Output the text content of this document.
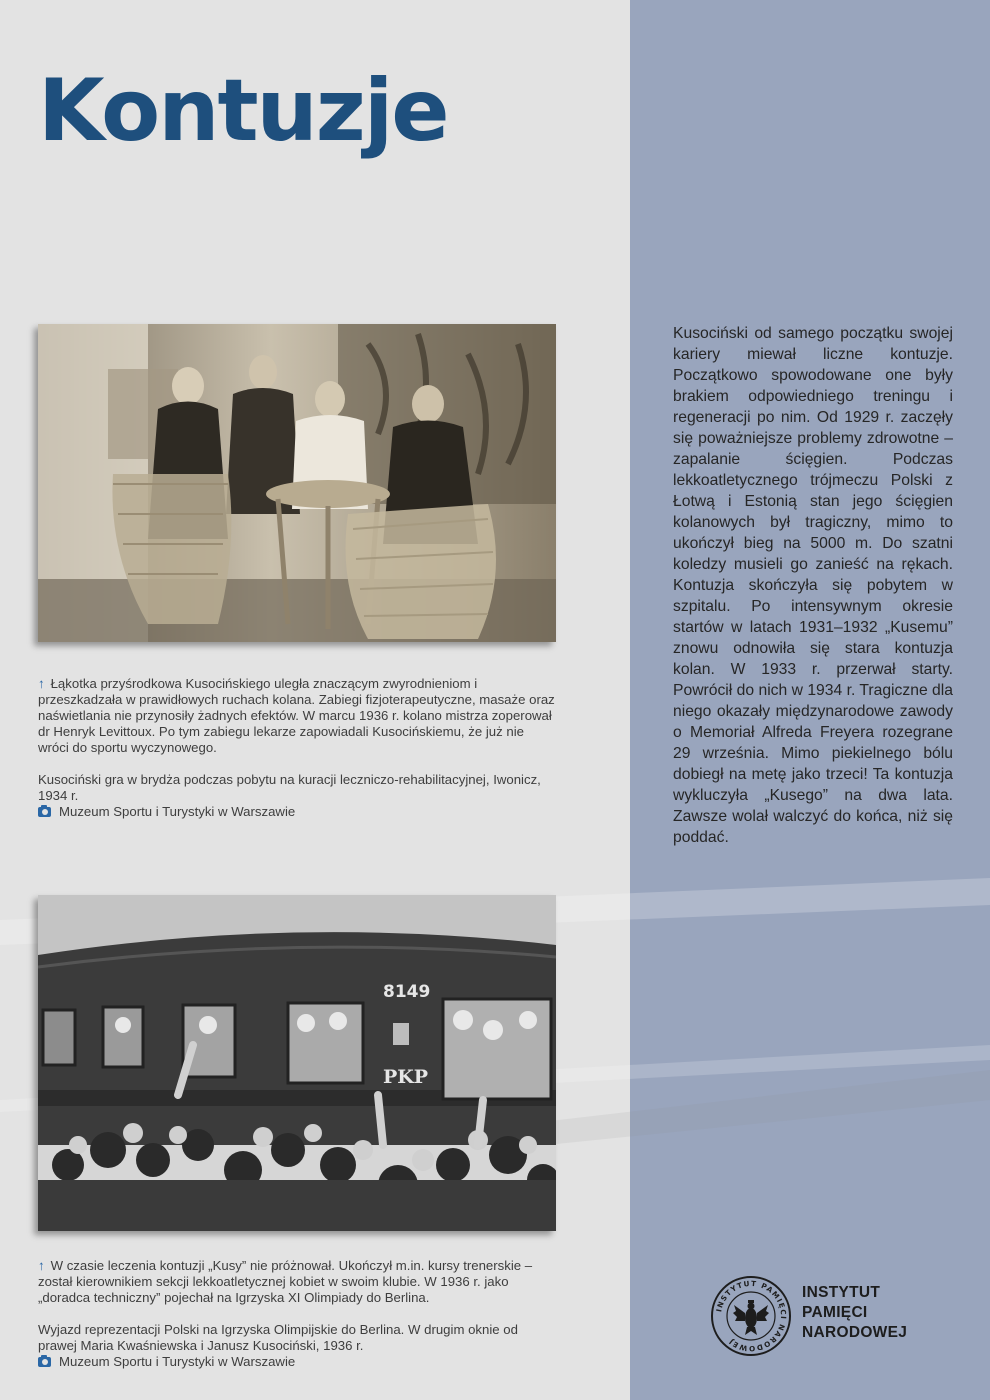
Kontuzje

↑ Łąkotka przyśrodkowa Kusocińskiego uległa znaczącym zwyrodnieniom i przeszkadzała w prawidłowych ruchach kolana. Zabiegi fizjoterapeutyczne, masaże oraz naświetlania nie przynosiły żadnych efektów. W marcu 1936 r. kolano mistrza zoperował dr Henryk Levittoux. Po tym zabiegu lekarze zapowiadali Kusocińskiemu, że już nie wróci do sportu wyczynowego.

Kusociński gra w brydża podczas pobytu na kuracji leczniczo-rehabilitacyjnej, Iwonicz, 1934 r.
Muzeum Sportu i Turystyki w Warszawie

8149
PKP

↑ W czasie leczenia kontuzji „Kusy” nie próżnował. Ukończył m.in. kursy trenerskie – został kierownikiem sekcji lekkoatletycznej kobiet w swoim klubie. W 1936 r. jako „doradca techniczny” pojechał na Igrzyska XI Olimpiady do Berlina.

Wyjazd reprezentacji Polski na Igrzyska Olimpijskie do Berlina. W drugim oknie od prawej Maria Kwaśniewska i Janusz Kusociński, 1936 r.
Muzeum Sportu i Turystyki w Warszawie

Kusociński od samego początku swojej kariery miewał liczne kontuzje. Początkowo spowodowane one były brakiem odpowiedniego treningu i regeneracji po nim. Od 1929 r. zaczęły się poważniejsze problemy zdrowotne – zapalanie ścięgien. Podczas lekkoatletycznego trójmeczu Polski z Łotwą i Estonią stan jego ścięgien kolanowych był tragiczny, mimo to ukończył bieg na 5000 m. Do szatni koledzy musieli go zanieść na rękach. Kontuzja skończyła się pobytem w szpitalu. Po intensywnym okresie startów w latach 1931–1932 „Kusemu” znowu odnowiła się stara kontuzja kolan. W 1933 r. przerwał starty. Powrócił do nich w 1934 r. Tragiczne dla niego okazały międzynarodowe zawody o Memoriał Alfreda Freyera rozegrane 29 września. Mimo piekielnego bólu dobiegł na metę jako trzeci! Ta kontuzja wykluczyła „Kusego” na dwa lata. Zawsze wolał walczyć do końca, niż się poddać.

INSTYTUT PAMIĘCI NARODOWEJ
INSTYTUT
PAMIĘCI
NARODOWEJ
